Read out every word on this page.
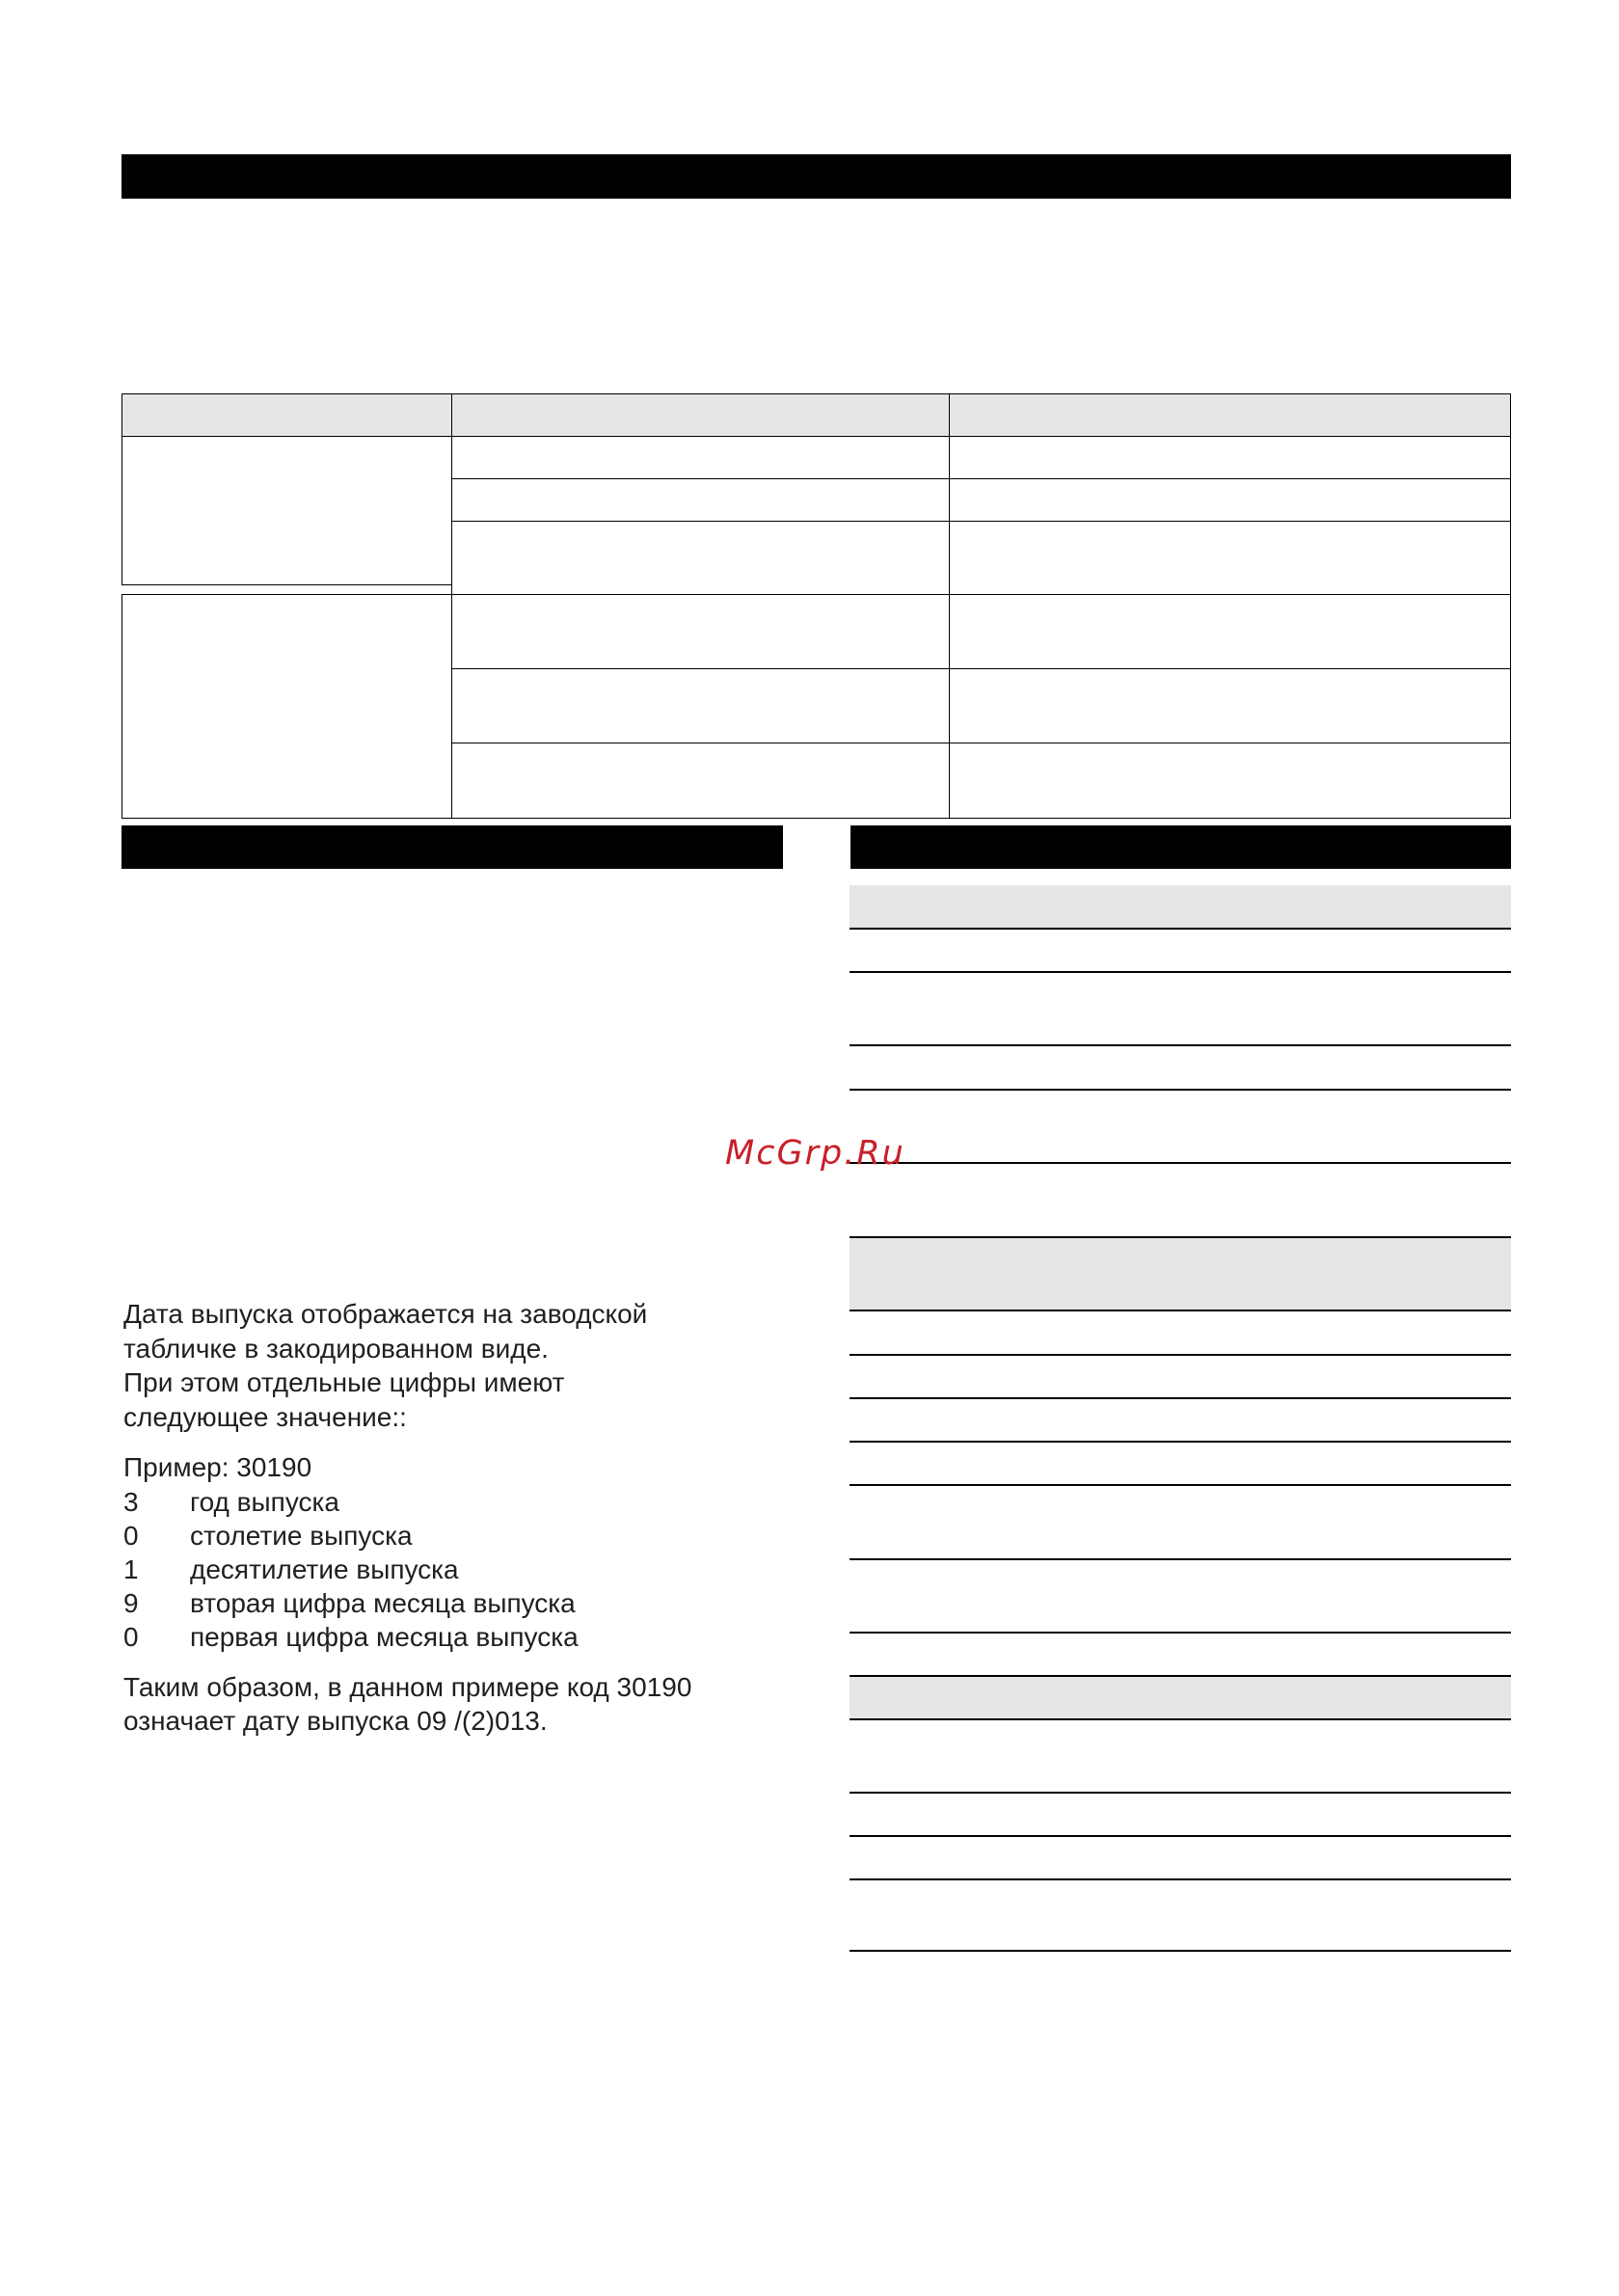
McGrp.Ru

Дата выпуска отображается на заводской

табличке в закодированном виде.

При этом отдельные цифры имеют

следующее значение::

Пример: 30190

3	год выпуска
0	столетие выпуска
1	десятилетие выпуска
9	вторая цифра месяца выпуска
0	первая цифра месяца выпуска

Таким образом, в данном примере код 30190

означает дату выпуска 09 /(2)013.
